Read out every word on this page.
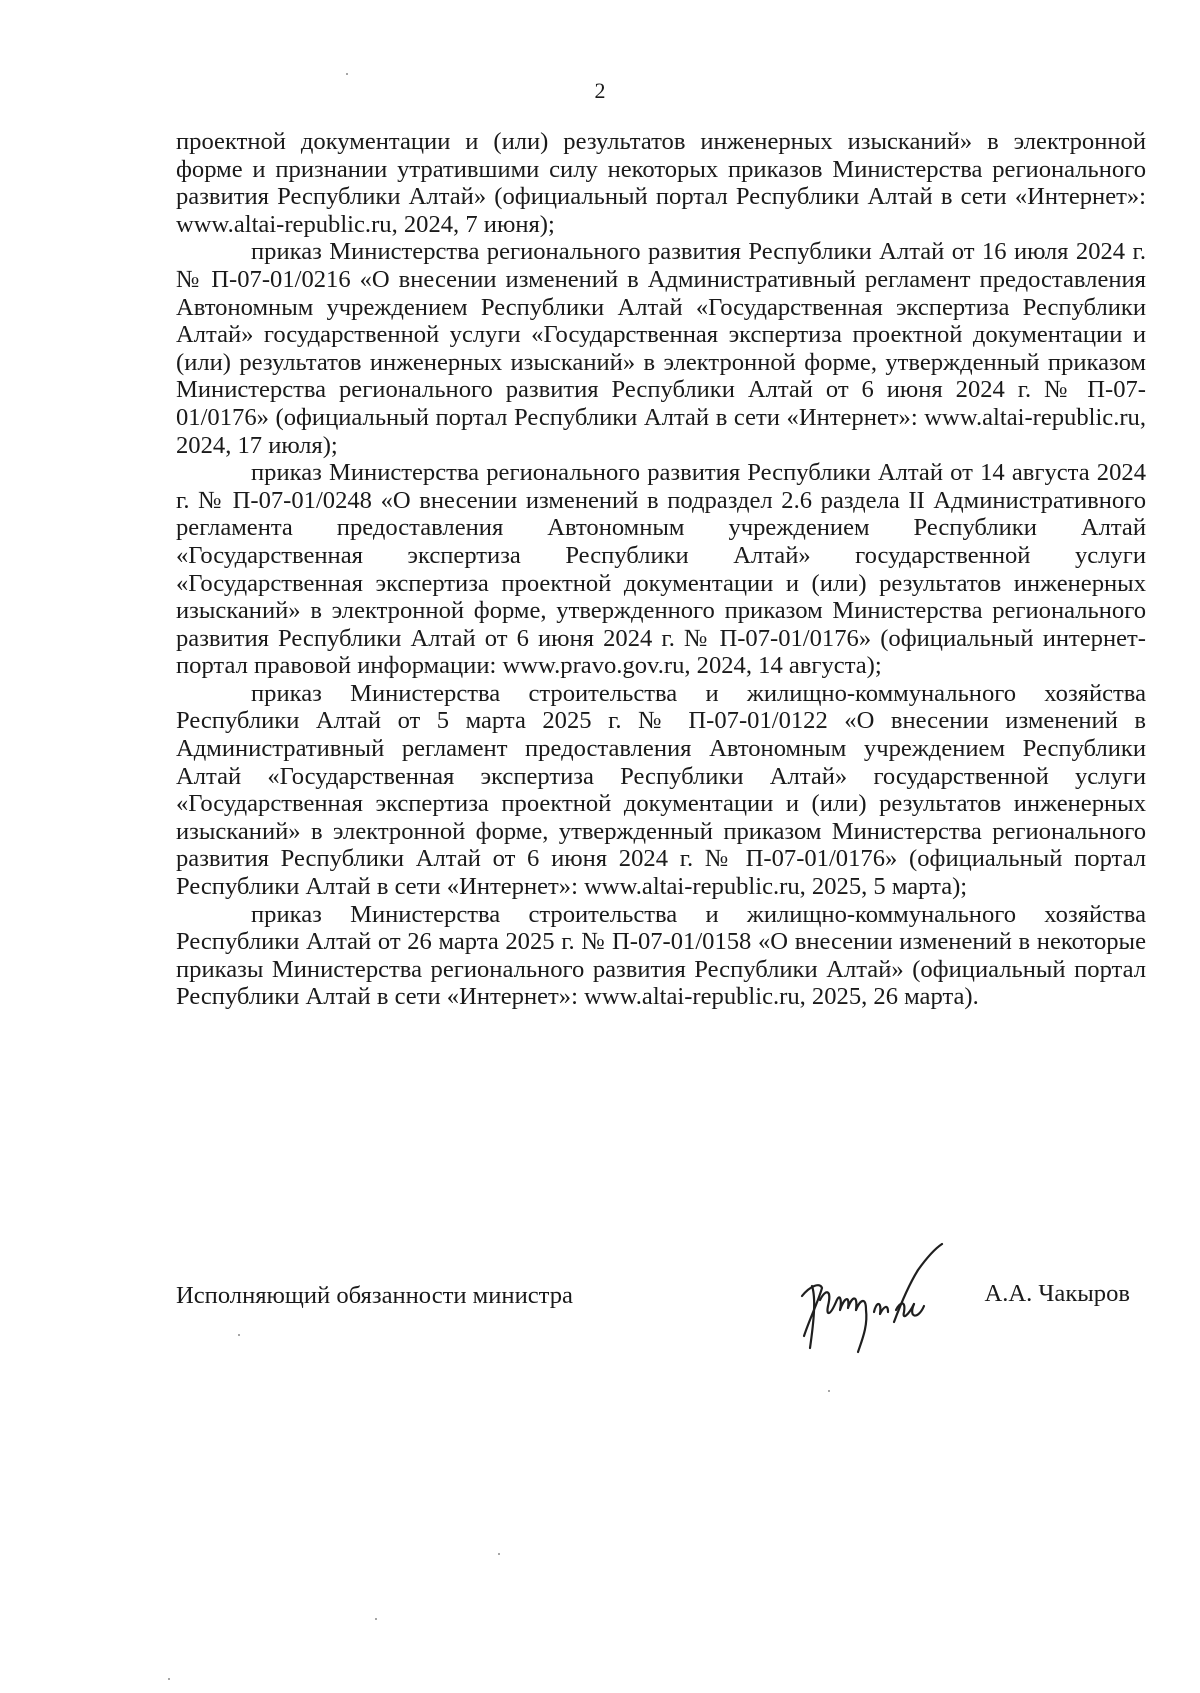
2

проектной документации и (или) результатов инженерных изысканий» в электронной форме и признании утратившими силу некоторых приказов Министерства регионального развития Республики Алтай» (официальный портал Республики Алтай в сети «Интернет»: www.altai-republic.ru, 2024, 7 июня);

приказ Министерства регионального развития Республики Алтай от 16 июля 2024 г. № П-07-01/0216 «О внесении изменений в Административный регламент предоставления Автономным учреждением Республики Алтай «Государственная экспертиза Республики Алтай» государственной услуги «Государственная экспертиза проектной документации и (или) результатов инженерных изысканий» в электронной форме, утвержденный приказом Министерства регионального развития Республики Алтай от 6 июня 2024 г. № П-07-01/0176» (официальный портал Республики Алтай в сети «Интернет»: www.altai-republic.ru, 2024, 17 июля);

приказ Министерства регионального развития Республики Алтай от 14 августа 2024 г. № П-07-01/0248 «О внесении изменений в подраздел 2.6 раздела II Административного регламента предоставления Автономным учреждением Республики Алтай «Государственная экспертиза Республики Алтай» государственной услуги «Государственная экспертиза проектной документации и (или) результатов инженерных изысканий» в электронной форме, утвержденного приказом Министерства регионального развития Республики Алтай от 6 июня 2024 г. № П-07-01/0176» (официальный интернет-портал правовой информации: www.pravo.gov.ru, 2024, 14 августа);

приказ Министерства строительства и жилищно-коммунального хозяйства Республики Алтай от 5 марта 2025 г. № П-07-01/0122 «О внесении изменений в Административный регламент предоставления Автономным учреждением Республики Алтай «Государственная экспертиза Республики Алтай» государственной услуги «Государственная экспертиза проектной документации и (или) результатов инженерных изысканий» в электронной форме, утвержденный приказом Министерства регионального развития Республики Алтай от 6 июня 2024 г. № П-07-01/0176» (официальный портал Республики Алтай в сети «Интернет»: www.altai-republic.ru, 2025, 5 марта);

приказ Министерства строительства и жилищно-коммунального хозяйства Республики Алтай от 26 марта 2025 г. № П-07-01/0158 «О внесении изменений в некоторые приказы Министерства регионального развития Республики Алтай» (официальный портал Республики Алтай в сети «Интернет»: www.altai-republic.ru, 2025, 26 марта).

Исполняющий обязанности министра	А.А. Чакыров
